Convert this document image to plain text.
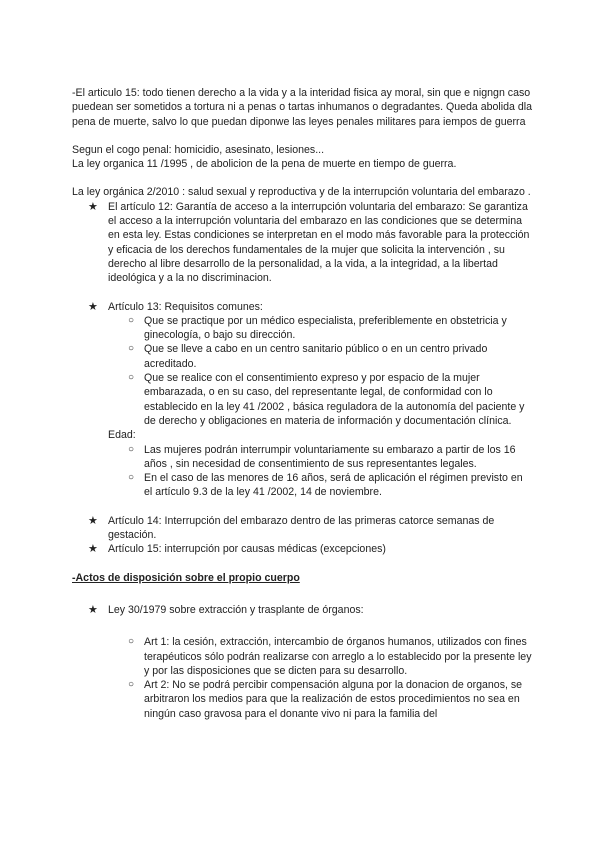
-El articulo 15: todo tienen derecho a la vida y a la interidad fisica ay moral, sin que e nigngn caso puedean ser sometidos a tortura ni a penas o tartas inhumanos o degradantes. Queda abolida dla pena de muerte, salvo lo que puedan diponwe las leyes penales militares para iempos de guerra

Segun el cogo penal: homicidio, asesinato, lesiones...

La ley organica 11 /1995 , de abolicion de la pena de muerte en tiempo de guerra.

La ley orgánica 2/2010 : salud sexual y reproductiva y de la interrupción voluntaria del embarazo .

★ El artículo 12: Garantía de acceso a la interrupción voluntaria del embarazo: Se garantiza el acceso a la interrupción voluntaria del embarazo en las condiciones que se determina en esta ley. Estas condiciones se interpretan en el modo más favorable para la protección y eficacia de los derechos fundamentales de la mujer que solicita la intervención , su derecho al libre desarrollo de la personalidad, a la vida, a la integridad, a la libertad ideológica y a la no discriminacion.
★ Artículo 13: Requisitos comunes:
○ Que se practique por un médico especialista, preferiblemente en obstetricia y ginecología, o bajo su dirección.
○ Que se lleve a cabo en un centro sanitario público o en un centro privado acreditado.
○ Que se realice con el consentimiento expreso y por espacio de la mujer embarazada, o en su caso, del representante legal, de conformidad con lo establecido en la ley 41 /2002 , básica reguladora de la autonomía del paciente y de derecho y obligaciones en materia de información y documentación clínica.

Edad:

○ Las mujeres podrán interrumpir voluntariamente su embarazo a partir de los 16 años , sin necesidad de consentimiento de sus representantes legales.
○ En el caso de las menores de 16 años, será de aplicación el régimen previsto en el artículo 9.3 de la ley 41 /2002, 14 de noviembre.
★ Artículo 14: Interrupción del embarazo dentro de las primeras catorce semanas de gestación.
★ Artículo 15: interrupción por causas médicas (excepciones)

-Actos de disposición sobre el propio cuerpo

★ Ley 30/1979 sobre extracción y trasplante de órganos:
○ Art 1: la cesión, extracción, intercambio de órganos humanos, utilizados con fines terapéuticos sólo podrán realizarse con arreglo a lo establecido por la presente ley y por las disposiciones que se dicten para su desarrollo.
○ Art 2: No se podrá percibir compensación alguna por la donacion de organos, se arbitraron los medios para que la realización de estos procedimientos no sea en ningún caso gravosa para el donante vivo ni para la familia del
